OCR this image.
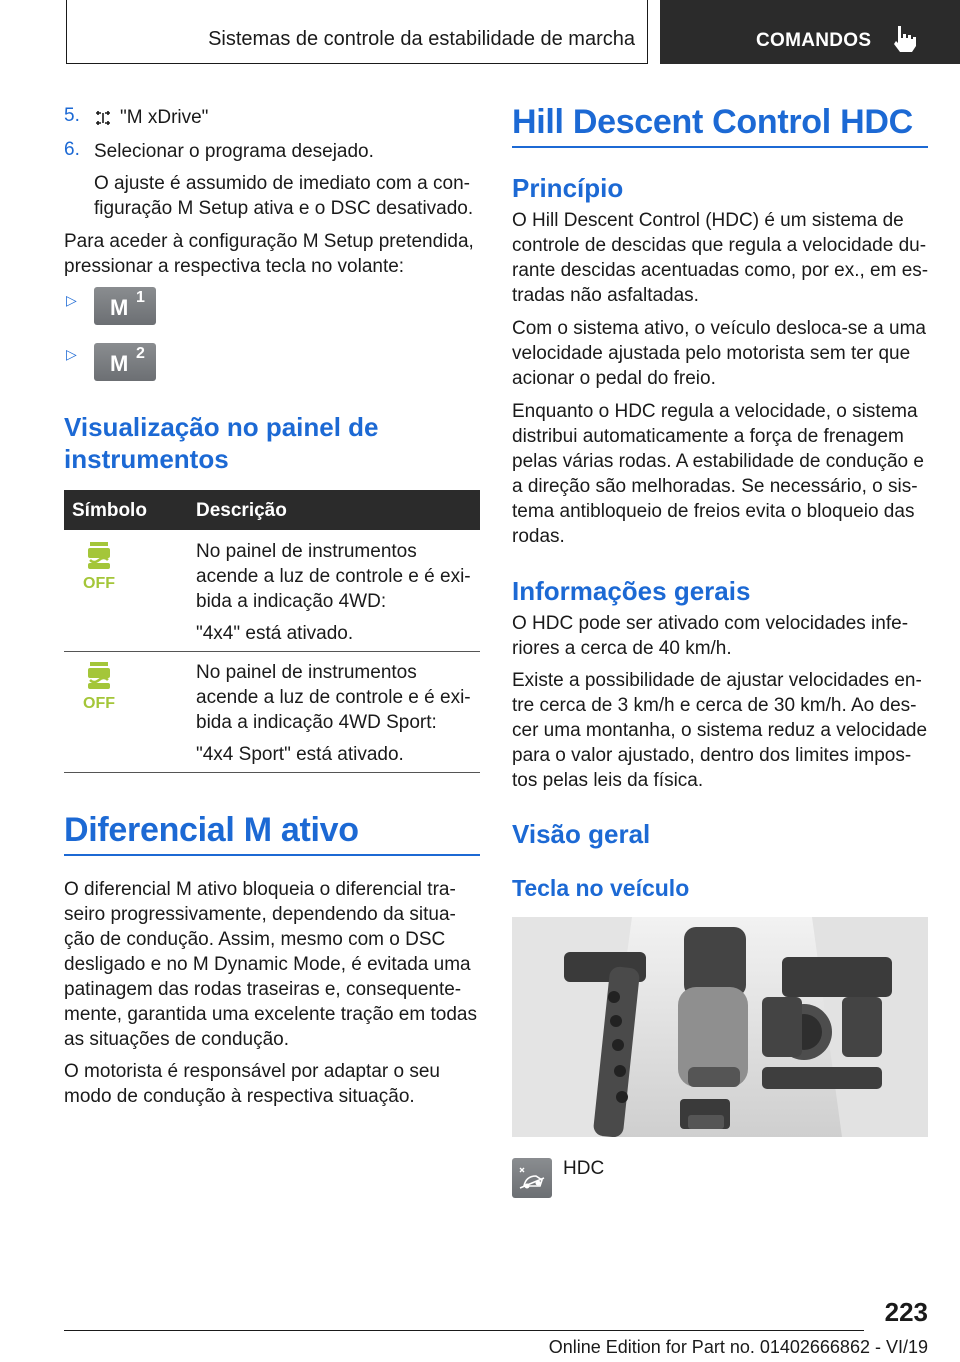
Sistemas de controle da estabilidade de marcha	COMANDOS
5. "M xDrive"
6. Selecionar o programa desejado.
O ajuste é assumido de imediato com a con-
figuração M Setup ativa e o DSC desativado.
Para aceder à configuração M Setup pretendida,
pressionar a respectiva tecla no volante:
▷ M 1
▷ M 2
Visualização no painel de
instrumentos
Símbolo	Descrição
OFF
No painel de instrumentos
acende a luz de controle e é exi-
bida a indicação 4WD:
"4x4" está ativado.
OFF
No painel de instrumentos
acende a luz de controle e é exi-
bida a indicação 4WD Sport:
"4x4 Sport" está ativado.
Diferencial M ativo
O diferencial M ativo bloqueia o diferencial tra-
seiro progressivamente, dependendo da situa-
ção de condução. Assim, mesmo com o DSC
desligado e no M Dynamic Mode, é evitada uma
patinagem das rodas traseiras e, consequente-
mente, garantida uma excelente tração em todas
as situações de condução.
O motorista é responsável por adaptar o seu
modo de condução à respectiva situação.
Hill Descent Control HDC
Princípio
O Hill Descent Control (HDC) é um sistema de
controle de descidas que regula a velocidade du-
rante descidas acentuadas como, por ex., em es-
tradas não asfaltadas.
Com o sistema ativo, o veículo desloca-se a uma
velocidade ajustada pelo motorista sem ter que
acionar o pedal do freio.
Enquanto o HDC regula a velocidade, o sistema
distribui automaticamente a força de frenagem
pelas várias rodas. A estabilidade de condução e
a direção são melhoradas. Se necessário, o sis-
tema antibloqueio de freios evita o bloqueio das
rodas.
Informações gerais
O HDC pode ser ativado com velocidades infe-
riores a cerca de 40 km/h.
Existe a possibilidade de ajustar velocidades en-
tre cerca de 3 km/h e cerca de 30 km/h. Ao des-
cer uma montanha, o sistema reduz a velocidade
para o valor ajustado, dentro dos limites impos-
tos pelas leis da física.
Visão geral
Tecla no veículo
HDC
223
Online Edition for Part no. 01402666862 - VI/19
